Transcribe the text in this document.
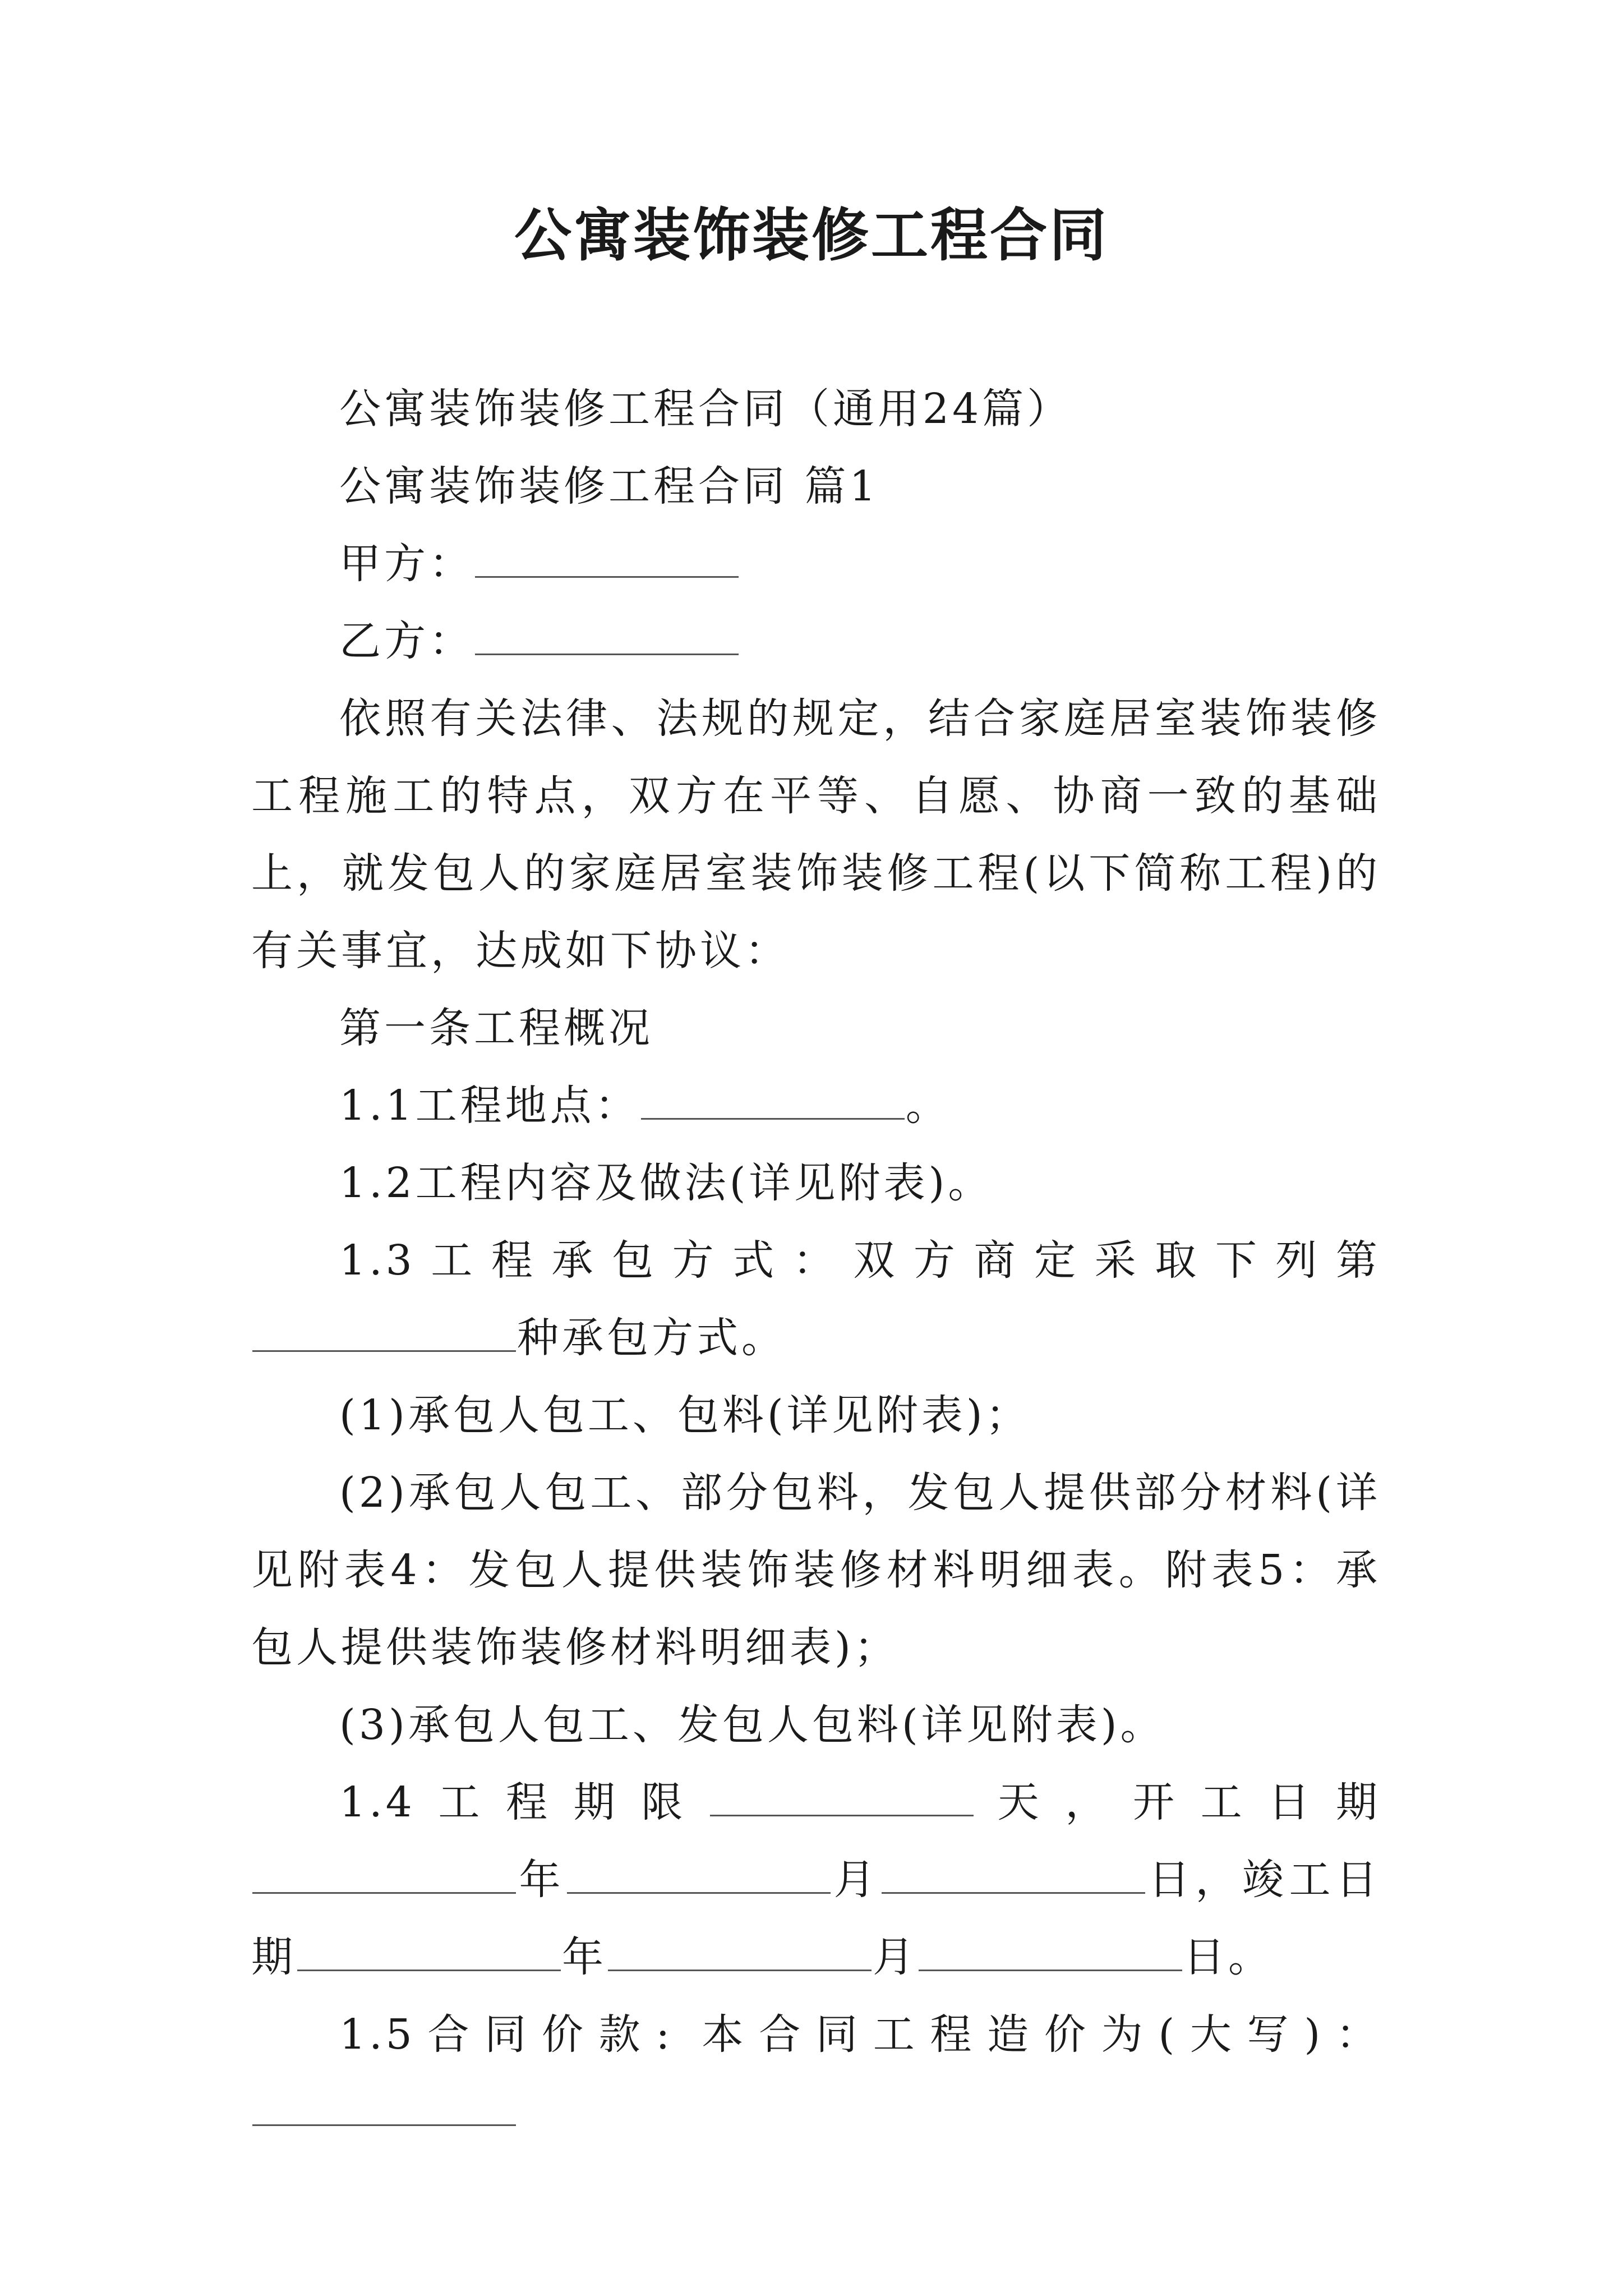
公寓装饰装修工程合同

公寓装饰装修工程合同（通用24篇）

公寓装饰装修工程合同 篇1

甲方：

乙方：

依照有关法律、法规的规定，结合家庭居室装饰装修工程施工的特点，双方在平等、自愿、协商一致的基础上，就发包人的家庭居室装饰装修工程(以下简称工程)的有关事宜，达成如下协议：

第一条工程概况

1.1工程地点：	。

1.2工程内容及做法(详见附表)。

1.3工程承包方式：双方商定采取下列第种承包方式。

(1)承包人包工、包料(详见附表)；

(2)承包人包工、部分包料，发包人提供部分材料(详见附表4：发包人提供装饰装修材料明细表。附表5：承包人提供装饰装修材料明细表)；

(3)承包人包工、发包人包料(详见附表)。

1.4工程期限	天，开工日期年	月	日，竣工日期	年	月	日。

1.5合同价款: 本合同工程造价为(大写)：
